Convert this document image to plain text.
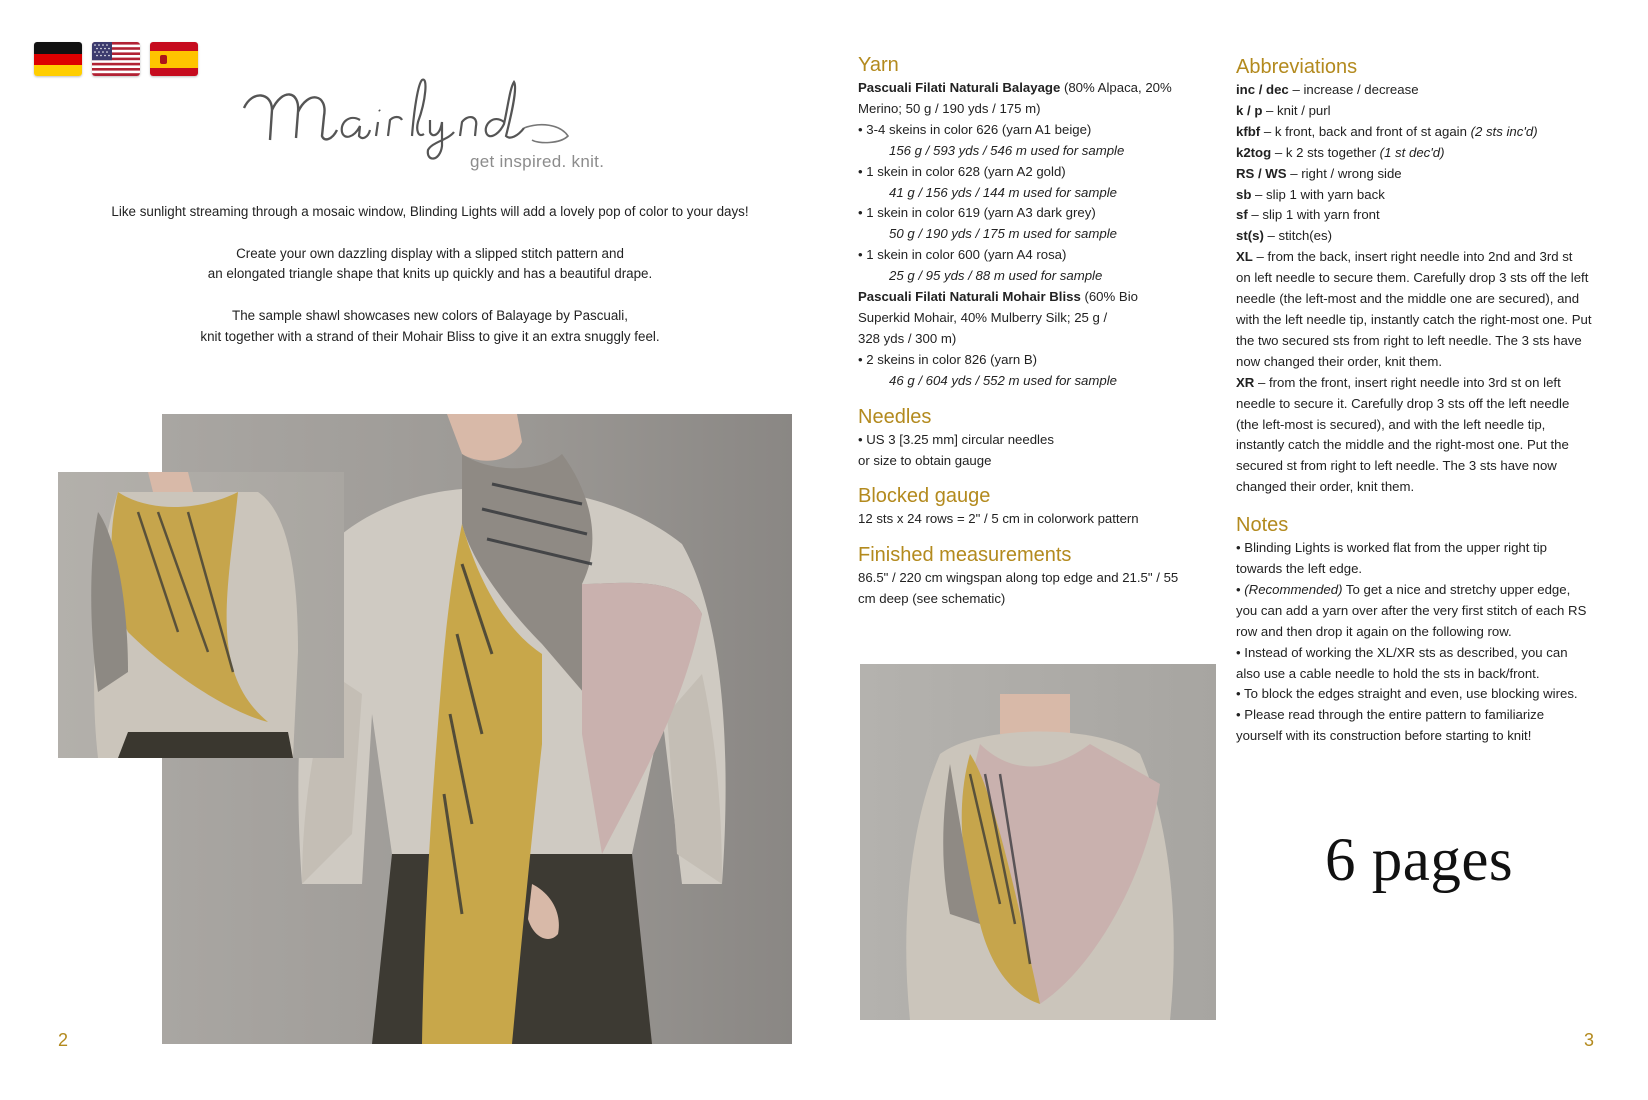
get inspired. knit.

Like sunlight streaming through a mosaic window, Blinding Lights will add a lovely pop of color to your days!

Create your own dazzling display with a slipped stitch pattern and

an elongated triangle shape that knits up quickly and has a beautiful drape.

The sample shawl showcases new colors of Balayage by Pascuali,
knit together with a strand of their Mohair Bliss to give it an extra snuggly feel.
2	3
Yarn
Pascuali Filati Naturali Balayage (80% Alpaca, 20%
Merino; 50 g / 190 yds / 175 m)
• 3-4 skeins in color 626 (yarn A1 beige)
156 g / 593 yds / 546 m used for sample
• 1 skein in color 628 (yarn A2 gold)
41 g / 156 yds / 144 m used for sample
• 1 skein in color 619 (yarn A3 dark grey)
50 g / 190 yds / 175 m used for sample
• 1 skein in color 600 (yarn A4 rosa)
25 g / 95 yds / 88 m used for sample
Pascuali Filati Naturali Mohair Bliss (60% Bio
Superkid Mohair, 40% Mulberry Silk; 25 g /
328 yds / 300 m)
• 2 skeins in color 826 (yarn B)
46 g / 604 yds / 552 m used for sample
Needles
• US 3 [3.25 mm] circular needles
or size to obtain gauge
Blocked gauge
12 sts x 24 rows = 2" / 5 cm in colorwork pattern
Finished measurements
86.5" / 220 cm wingspan along top edge and 21.5" / 55
cm deep (see schematic)
Abbreviations
inc / dec – increase / decrease
k / p – knit / purl
kfbf – k front, back and front of st again (2 sts inc'd)
k2tog – k 2 sts together (1 st dec'd)
RS / WS – right / wrong side
sb – slip 1 with yarn back
sf – slip 1 with yarn front
st(s) – stitch(es)
XL – from the back, insert right needle into 2nd and 3rd st
on left needle to secure them. Carefully drop 3 sts off the left
needle (the left-most and the middle one are secured), and
with the left needle tip, instantly catch the right-most one. Put
the two secured sts from right to left needle. The 3 sts have
now changed their order, knit them.
XR – from the front, insert right needle into 3rd st on left
needle to secure it. Carefully drop 3 sts off the left needle
(the left-most is secured), and with the left needle tip,
instantly catch the middle and the right-most one. Put the
secured st from right to left needle. The 3 sts have now
changed their order, knit them.
Notes
• Blinding Lights is worked flat from the upper right tip
towards the left edge.
• (Recommended) To get a nice and stretchy upper edge,
you can add a yarn over after the very first stitch of each RS
row and then drop it again on the following row.
• Instead of working the XL/XR sts as described, you can
also use a cable needle to hold the sts in back/front.
• To block the edges straight and even, use blocking wires.
• Please read through the entire pattern to familiarize
yourself with its construction before starting to knit!
6 pages
